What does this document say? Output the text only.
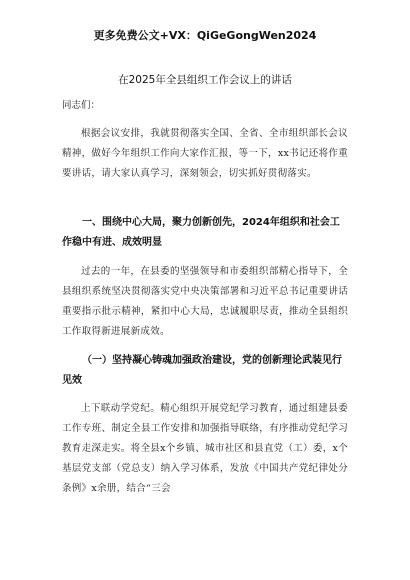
更多免费公文+VX：QiGeGongWen2024
在2025年全县组织工作会议上的讲话
同志们：
根据会议安排，我就贯彻落实全国、全省、全市组织部长会议精神，做好今年组织工作向大家作汇报，等一下，xx书记还将作重要讲话，请大家认真学习，深刻领会，切实抓好贯彻落实。
一、围绕中心大局，聚力创新创先，2024年组织和社会工作稳中有进、成效明显
过去的一年，在县委的坚强领导和市委组织部精心指导下，全县组织系统坚决贯彻落实党中央决策部署和习近平总书记重要讲话重要指示批示精神，紧扣中心大局，忠诚履职尽责，推动全县组织工作取得新进展新成效。
（一）坚持凝心铸魂加强政治建设，党的创新理论武装见行见效
上下联动学党纪。精心组织开展党纪学习教育，通过组建县委工作专班、制定全县工作安排和加强指导联络，有序推动党纪学习教育走深走实。将全县x个乡镇、城市社区和县直党（工）委，x个基层党支部（党总支）纳入学习体系，发放《中国共产党纪律处分条例》x余册，结合“三会
